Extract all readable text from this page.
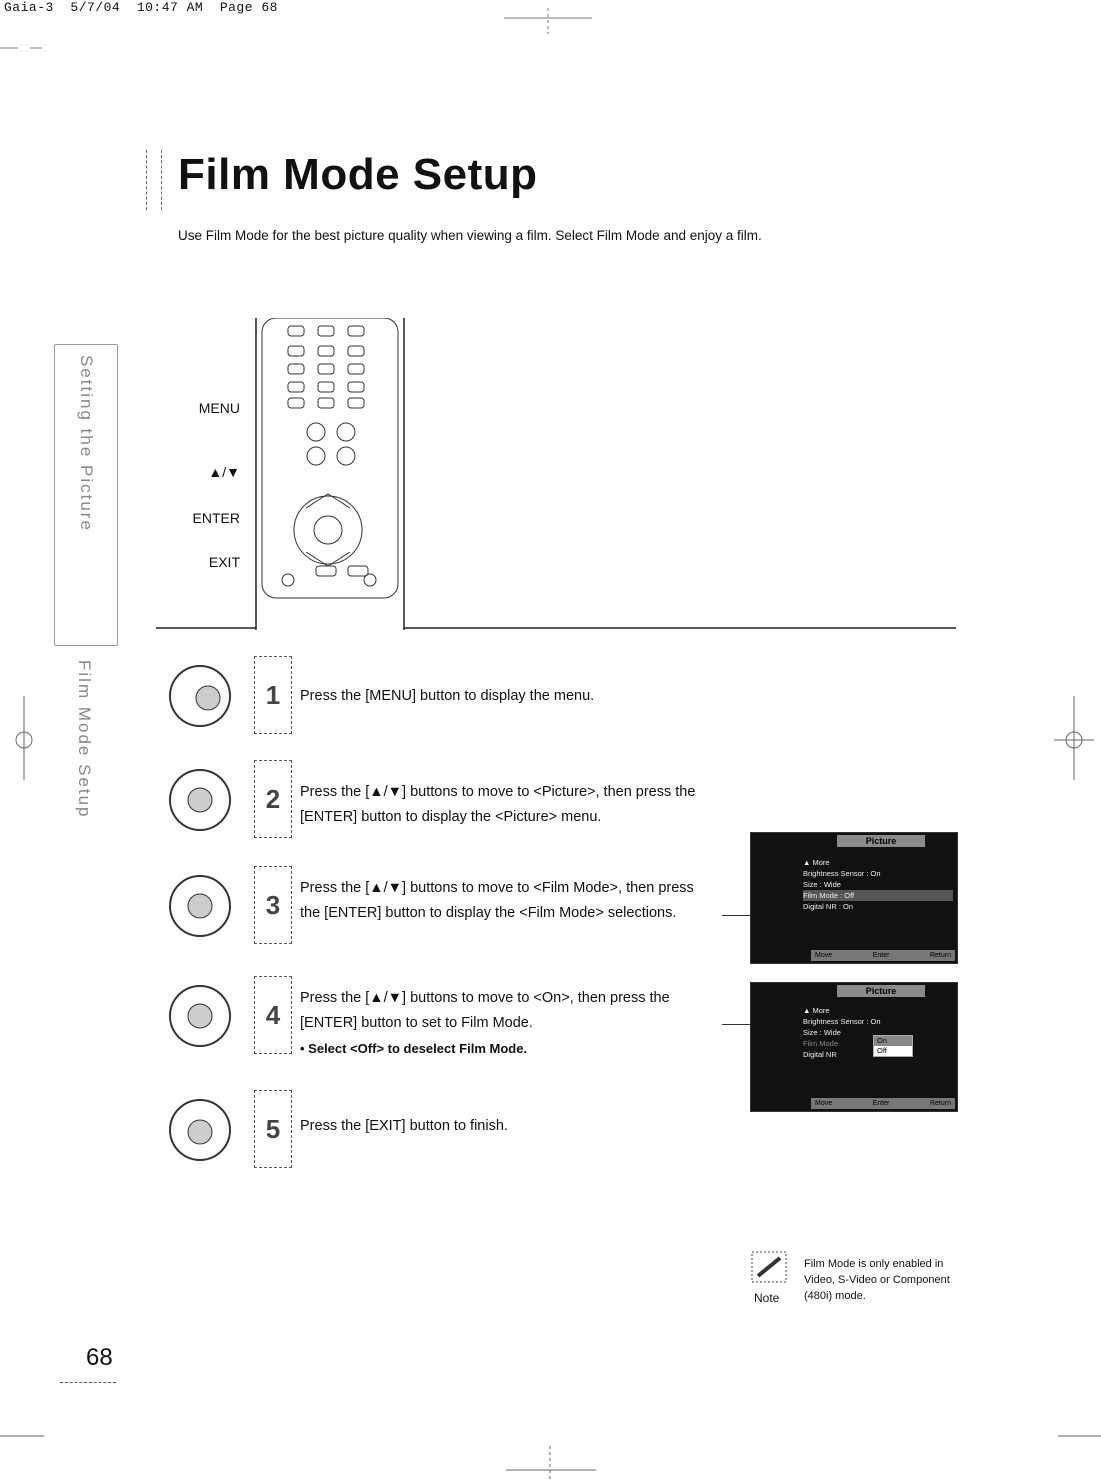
Gaia-3  5/7/04  10:47 AM  Page 68
Film Mode Setup
Use Film Mode for the best picture quality when viewing a film. Select Film Mode and enjoy a film.
Setting the Picture
Film Mode Setup
MENU
▲/▼
ENTER
EXIT
1	Press the [MENU] button to display the menu.
2	Press the [▲/▼] buttons to move to <Picture>, then press the [ENTER] button to display the <Picture> menu.
3
Press the [▲/▼] buttons to move to <Film Mode>, then press the [ENTER] button to display the <Film Mode> selections.
4
Press the [▲/▼] buttons to move to <On>, then press the [ENTER] button to set to Film Mode.
• Select <Off> to deselect Film Mode.
5	Press the [EXIT] button to finish.
Picture
▲ More
Brightness Sensor : On
Size : Wide
Film Mode : Off
Digital NR : On
Move	Enter	Return
Picture
▲ More
Brightness Sensor : On
Size : Wide
Film Mode
Digital NR
On
Off
Move	Enter	Return
Note
Film Mode is only enabled in Video, S-Video or Component (480i) mode.
68
